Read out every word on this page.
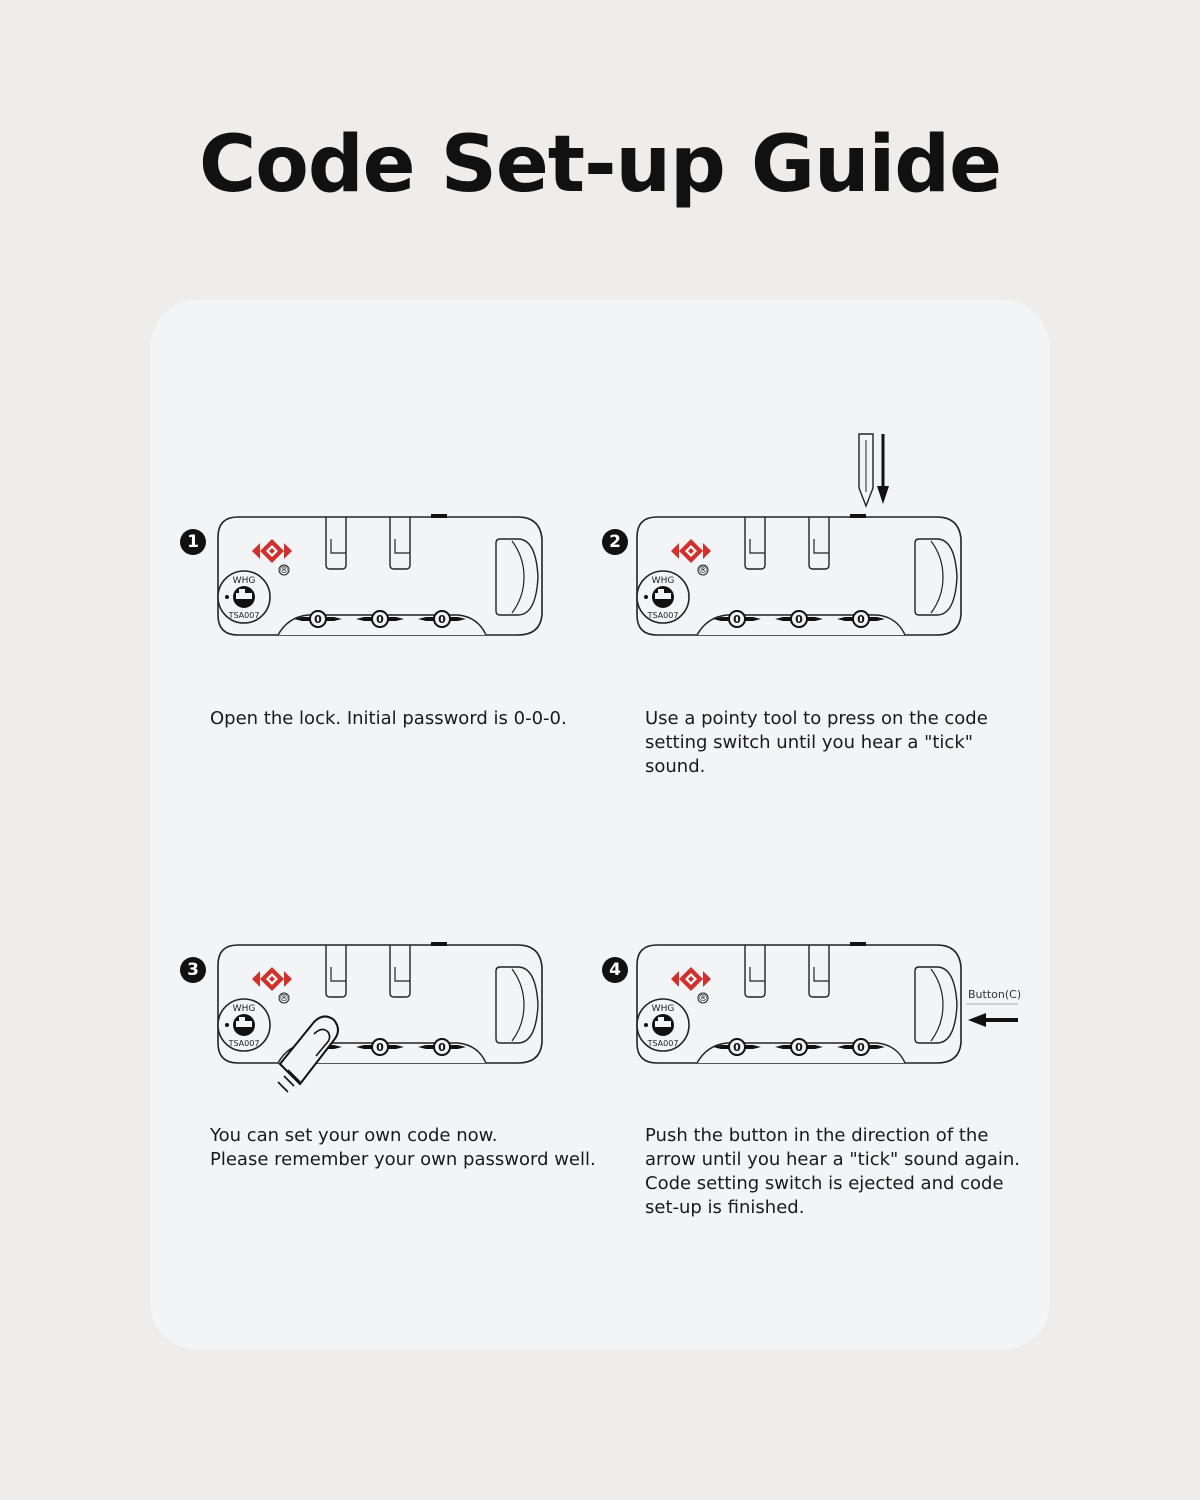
Code Set-up Guide
1
®
WHG
TSA007	0	0	0

Open the lock. Initial password is 0-0-0.

2
®
WHG
TSA007	0	0	0

Use a pointy tool to press on the code
setting switch until you hear a "tick"
sound.

3
®
WHG
TSA007	0	0

You can set your own code now.
Please remember your own password well.

4
®
WHG
TSA007	0	0	0
Button(C)

Push the button in the direction of the
arrow until you hear a "tick" sound again.
Code setting switch is ejected and code
set-up is finished.
